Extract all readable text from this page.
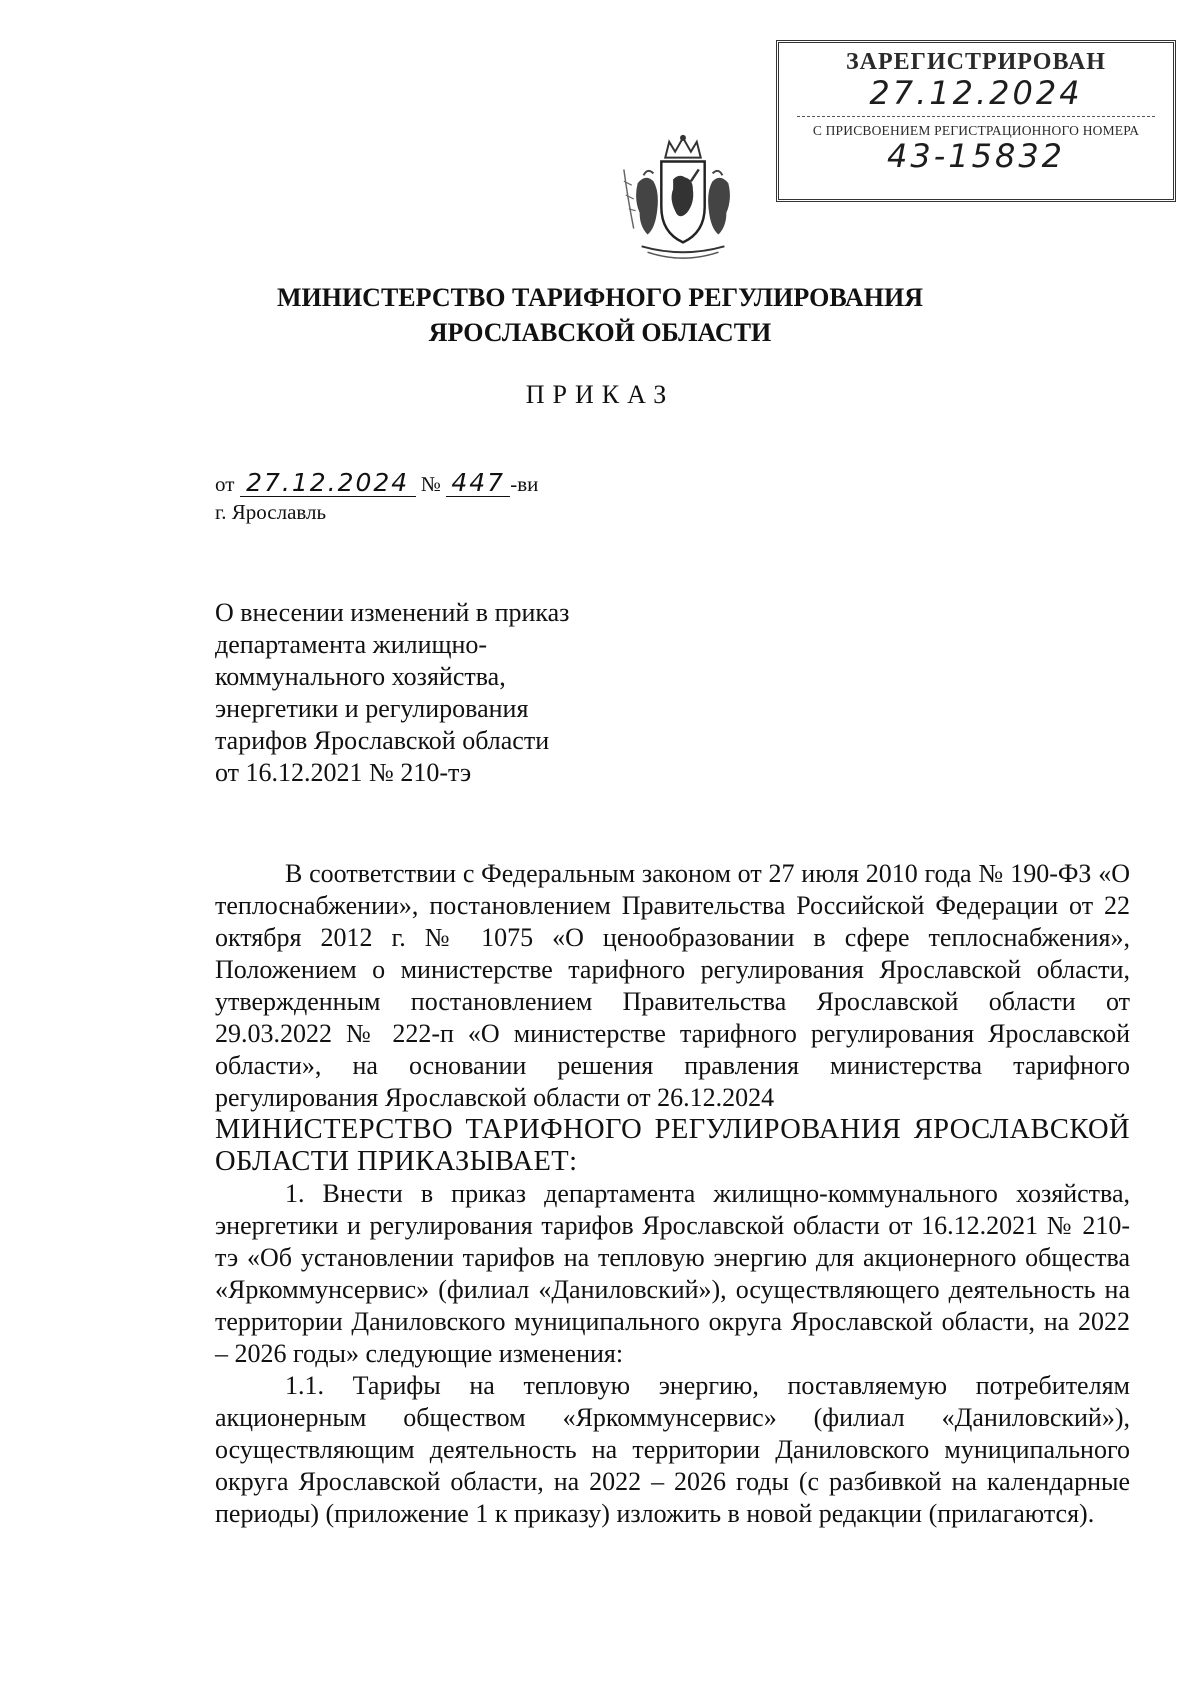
ЗАРЕГИСТРИРОВАН
27.12.2024
С ПРИСВОЕНИЕМ РЕГИСТРАЦИОННОГО НОМЕРА
43-15832
МИНИСТЕРСТВО ТАРИФНОГО РЕГУЛИРОВАНИЯ
ЯРОСЛАВСКОЙ ОБЛАСТИ
ПРИКАЗ
от 27.12.2024 № 447 -ви
г. Ярославль
О внесении изменений в приказ
департамента жилищно-
коммунального хозяйства,
энергетики и регулирования
тарифов Ярославской области
от 16.12.2021 № 210-тэ

В соответствии с Федеральным законом от 27 июля 2010 года № 190-ФЗ «О теплоснабжении», постановлением Правительства Российской Федерации от 22 октября 2012 г. № 1075 «О ценообразовании в сфере теплоснабжения», Положением о министерстве тарифного регулирования Ярославской области, утвержденным постановлением Правительства Ярославской области от 29.03.2022 № 222-п «О министерстве тарифного регулирования Ярославской области», на основании решения правления министерства тарифного регулирования Ярославской области от 26.12.2024

МИНИСТЕРСТВО ТАРИФНОГО РЕГУЛИРОВАНИЯ ЯРОСЛАВСКОЙ ОБЛАСТИ ПРИКАЗЫВАЕТ:

1. Внести в приказ департамента жилищно-коммунального хозяйства, энергетики и регулирования тарифов Ярославской области от 16.12.2021 № 210-тэ «Об установлении тарифов на тепловую энергию для акционерного общества «Яркоммунсервис» (филиал «Даниловский»), осуществляющего деятельность на территории Даниловского муниципального округа Ярославской области, на 2022 – 2026 годы» следующие изменения:

1.1. Тарифы на тепловую энергию, поставляемую потребителям акционерным обществом «Яркоммунсервис» (филиал «Даниловский»), осуществляющим деятельность на территории Даниловского муниципального округа Ярославской области, на 2022 – 2026 годы (с разбивкой на календарные периоды) (приложение 1 к приказу) изложить в новой редакции (прилагаются).
